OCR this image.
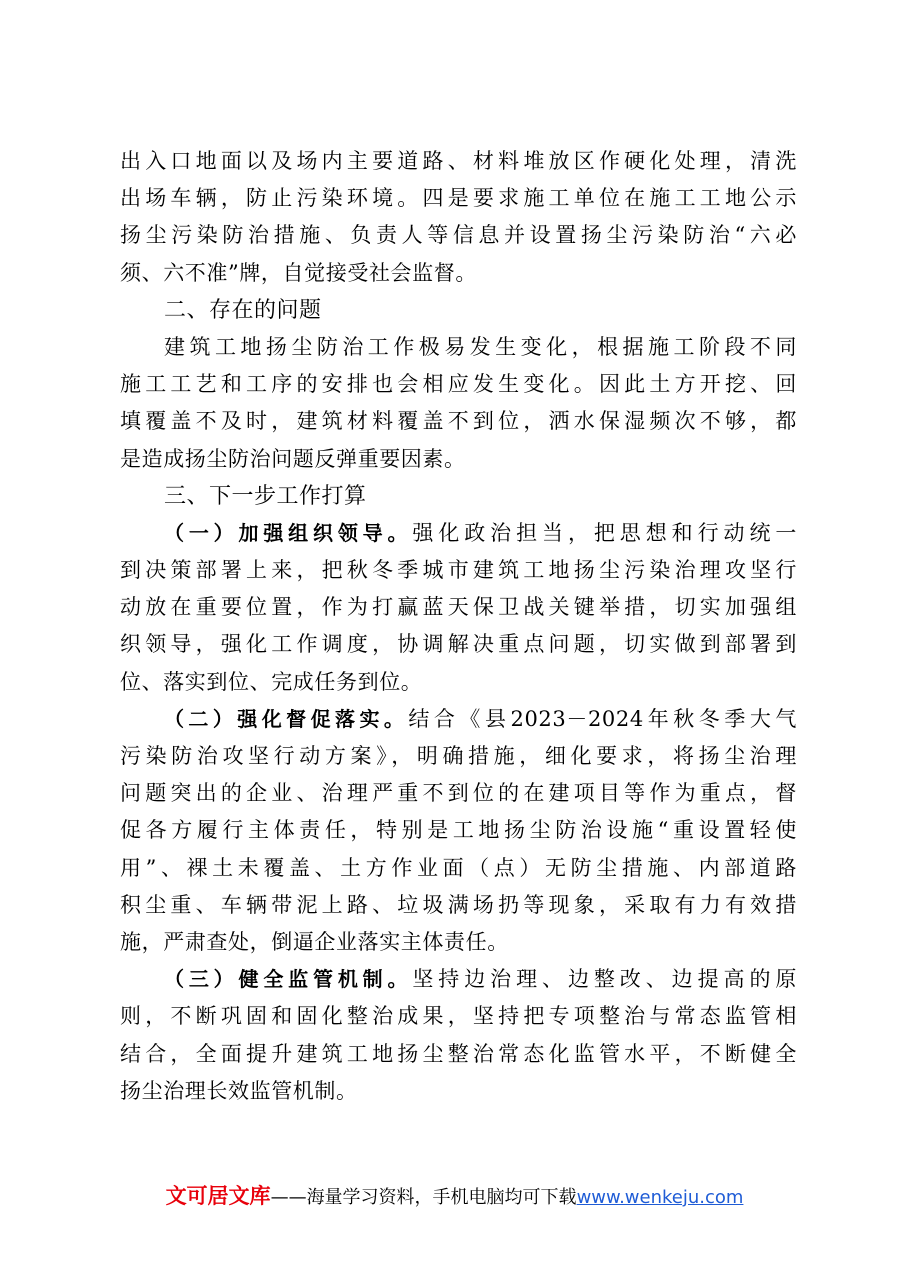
出入口地面以及场内主要道路、材料堆放区作硬化处理，清洗
出场车辆，防止污染环境。四是要求施工单位在施工工地公示
扬尘污染防治措施、负责人等信息并设置扬尘污染防治“六必
须、六不准”牌，自觉接受社会监督。
二、存在的问题
建筑工地扬尘防治工作极易发生变化，根据施工阶段不同
施工工艺和工序的安排也会相应发生变化。因此土方开挖、回
填覆盖不及时，建筑材料覆盖不到位，洒水保湿频次不够，都
是造成扬尘防治问题反弹重要因素。
三、下一步工作打算
（一）加强组织领导。强化政治担当，把思想和行动统一
到决策部署上来，把秋冬季城市建筑工地扬尘污染治理攻坚行
动放在重要位置，作为打赢蓝天保卫战关键举措，切实加强组
织领导，强化工作调度，协调解决重点问题，切实做到部署到
位、落实到位、完成任务到位。
（二）强化督促落实。结合《县2023－2024年秋冬季大气
污染防治攻坚行动方案》，明确措施，细化要求，将扬尘治理
问题突出的企业、治理严重不到位的在建项目等作为重点，督
促各方履行主体责任，特别是工地扬尘防治设施“重设置轻使
用”、裸土未覆盖、土方作业面（点）无防尘措施、内部道路
积尘重、车辆带泥上路、垃圾满场扔等现象，采取有力有效措
施，严肃查处，倒逼企业落实主体责任。
（三）健全监管机制。坚持边治理、边整改、边提高的原
则，不断巩固和固化整治成果，坚持把专项整治与常态监管相
结合，全面提升建筑工地扬尘整治常态化监管水平，不断健全
扬尘治理长效监管机制。
文可居文库——海量学习资料，手机电脑均可下载www.wenkeju.com
